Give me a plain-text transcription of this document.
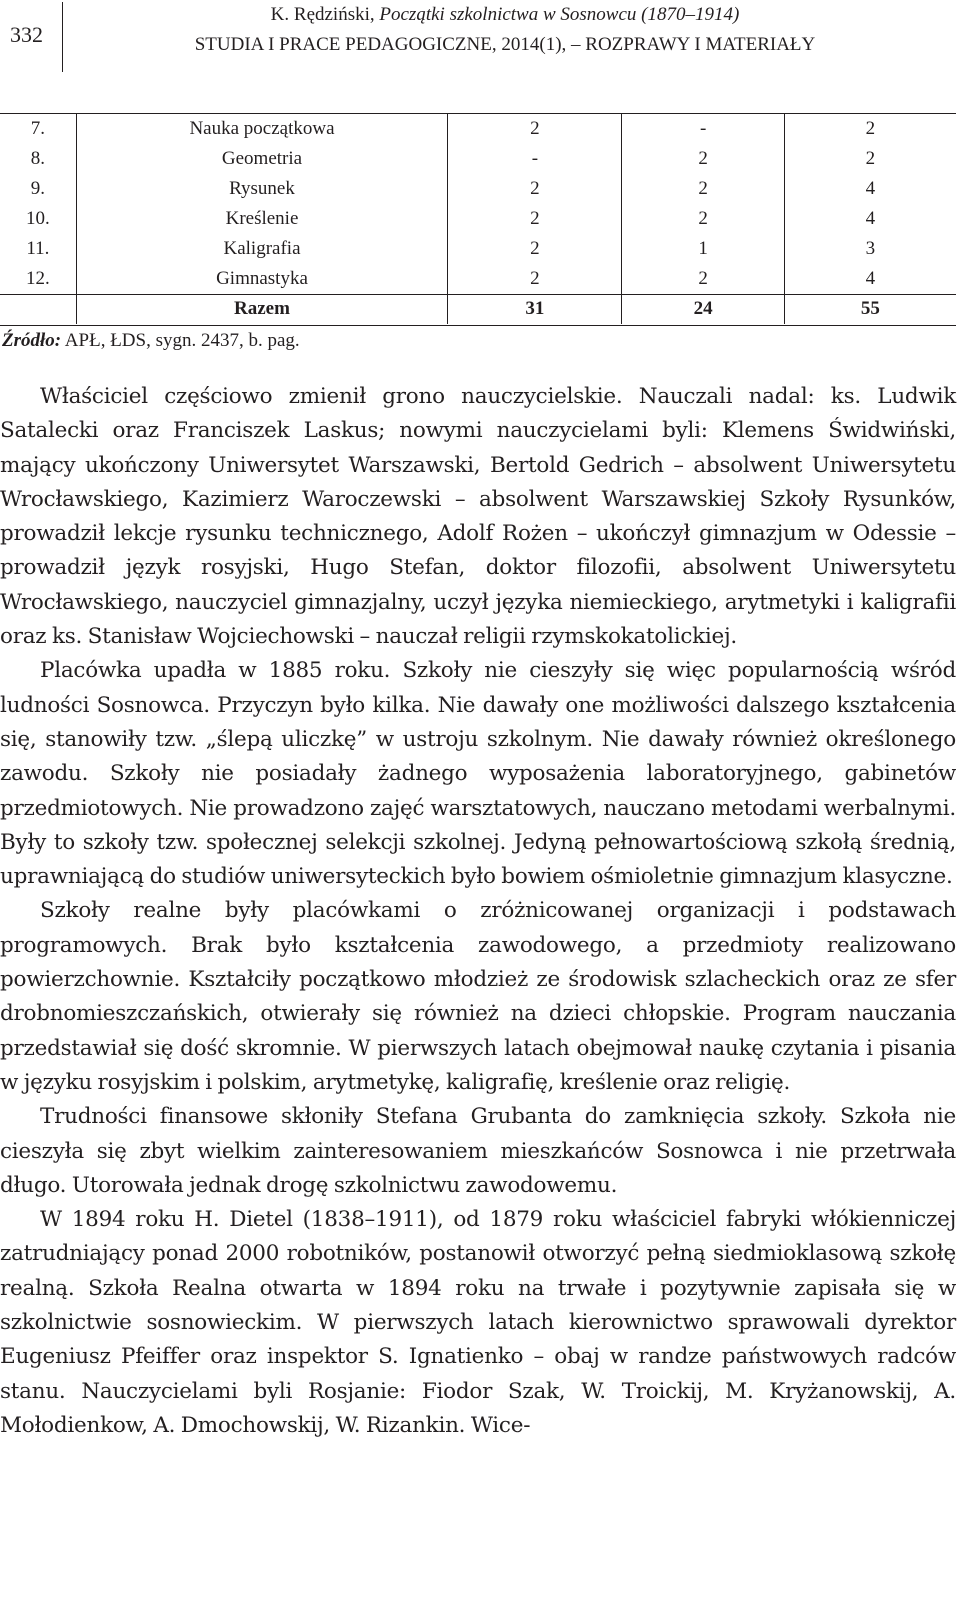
332
K. Rędziński, Początki szkolnictwa w Sosnowcu (1870–1914)
STUDIA I PRACE PEDAGOGICZNE, 2014(1), – ROZPRAWY I MATERIAŁY
7.	Nauka początkowa	2	-	2
8.	Geometria	-	2	2
9.	Rysunek	2	2	4
10.	Kreślenie	2	2	4
11.	Kaligrafia	2	1	3
12.	Gimnastyka	2	2	4
	Razem	31	24	55
Źródło: APŁ, ŁDS, sygn. 2437, b. pag.

Właściciel częściowo zmienił grono nauczycielskie. Nauczali nadal: ks. Ludwik Satalecki oraz Franciszek Laskus; nowymi nauczycielami byli: Klemens Świdwiński, mający ukończony Uniwersytet Warszawski, Bertold Gedrich – absolwent Uniwersytetu Wrocławskiego, Kazimierz Waroczewski – absolwent Warszawskiej Szkoły Rysunków, prowadził lekcje rysunku technicznego, Adolf Rożen – ukończył gimnazjum w Odessie – prowadził język rosyjski, Hugo Stefan, doktor filozofii, absolwent Uniwersytetu Wrocławskiego, nauczyciel gimnazjalny, uczył języka niemieckiego, arytmetyki i kaligrafii oraz ks. Stanisław Wojciechowski – nauczał religii rzymskokatolickiej.

Placówka upadła w 1885 roku. Szkoły nie cieszyły się więc popularnością wśród ludności Sosnowca. Przyczyn było kilka. Nie dawały one możliwości dalszego kształcenia się, stanowiły tzw. „ślepą uliczkę” w ustroju szkolnym. Nie dawały również określonego zawodu. Szkoły nie posiadały żadnego wyposażenia laboratoryjnego, gabinetów przedmiotowych. Nie prowadzono zajęć warsztatowych, nauczano metodami werbalnymi. Były to szkoły tzw. społecznej selekcji szkolnej. Jedyną pełnowartościową szkołą średnią, uprawniającą do studiów uniwersyteckich było bowiem ośmioletnie gimnazjum klasyczne.

Szkoły realne były placówkami o zróżnicowanej organizacji i podstawach programowych. Brak było kształcenia zawodowego, a przedmioty realizowano powierzchownie. Kształciły początkowo młodzież ze środowisk szlacheckich oraz ze sfer drobnomieszczańskich, otwierały się również na dzieci chłopskie. Program nauczania przedstawiał się dość skromnie. W pierwszych latach obejmował naukę czytania i pisania w języku rosyjskim i polskim, arytmetykę, kaligrafię, kreślenie oraz religię.

Trudności finansowe skłoniły Stefana Grubanta do zamknięcia szkoły. Szkoła nie cieszyła się zbyt wielkim zainteresowaniem mieszkańców Sosnowca i nie przetrwała długo. Utorowała jednak drogę szkolnictwu zawodowemu.

W 1894 roku H. Dietel (1838–1911), od 1879 roku właściciel fabryki włókienniczej zatrudniający ponad 2000 robotników, postanowił otworzyć pełną siedmioklasową szkołę realną. Szkoła Realna otwarta w 1894 roku na trwałe i pozytywnie zapisała się w szkolnictwie sosnowieckim. W pierwszych latach kierownictwo sprawowali dyrektor Eugeniusz Pfeiffer oraz inspektor S. Ignatienko – obaj w randze państwowych radców stanu. Nauczycielami byli Rosjanie: Fiodor Szak, W. Troickij, M. Kryżanowskij, A. Mołodienkow, A. Dmochowskij, W. Rizankin. Wice-
